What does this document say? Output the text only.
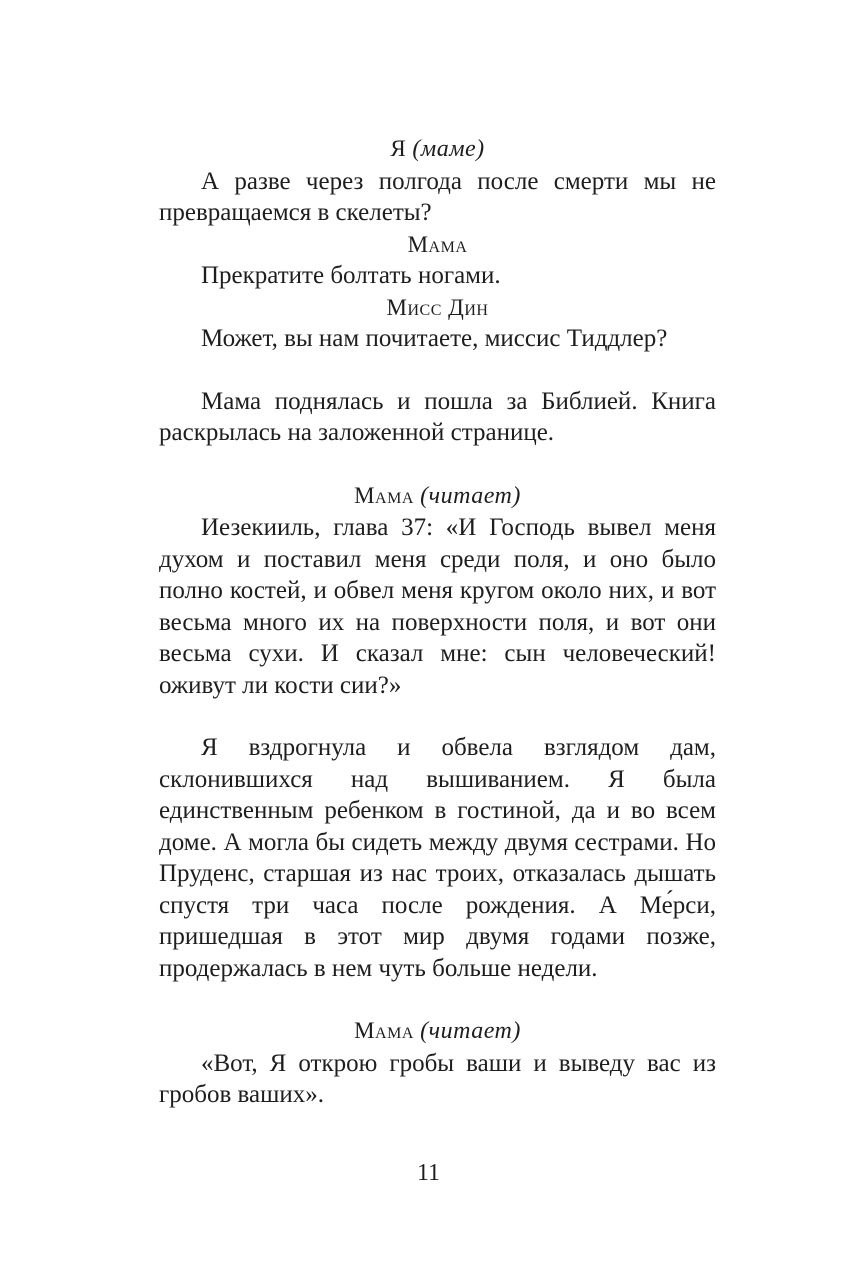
Я (маме)

А разве через полгода после смерти мы не превращаемся в скелеты?

Мама

Прекратите болтать ногами.

Мисс Дин

Может, вы нам почитаете, миссис Тиддлер?

Мама поднялась и пошла за Библией. Книга раскрылась на заложенной странице.

Мама (читает)

Иезекииль, глава 37: «И Господь вывел меня духом и поставил меня среди поля, и оно было полно костей, и обвел меня кругом около них, и вот весьма много их на поверхности поля, и вот они весьма сухи. И сказал мне: сын человеческий! оживут ли кости сии?»

Я вздрогнула и обвела взглядом дам, склонившихся над вышиванием. Я была единственным ребенком в гостиной, да и во всем доме. А могла бы сидеть между двумя сестрами. Но Пруденс, старшая из нас троих, отказалась дышать спустя три часа после рождения. А Ме́рси, пришедшая в этот мир двумя годами позже, продержалась в нем чуть больше недели.

Мама (читает)

«Вот, Я открою гробы ваши и выведу вас из гробов ваших».

11
